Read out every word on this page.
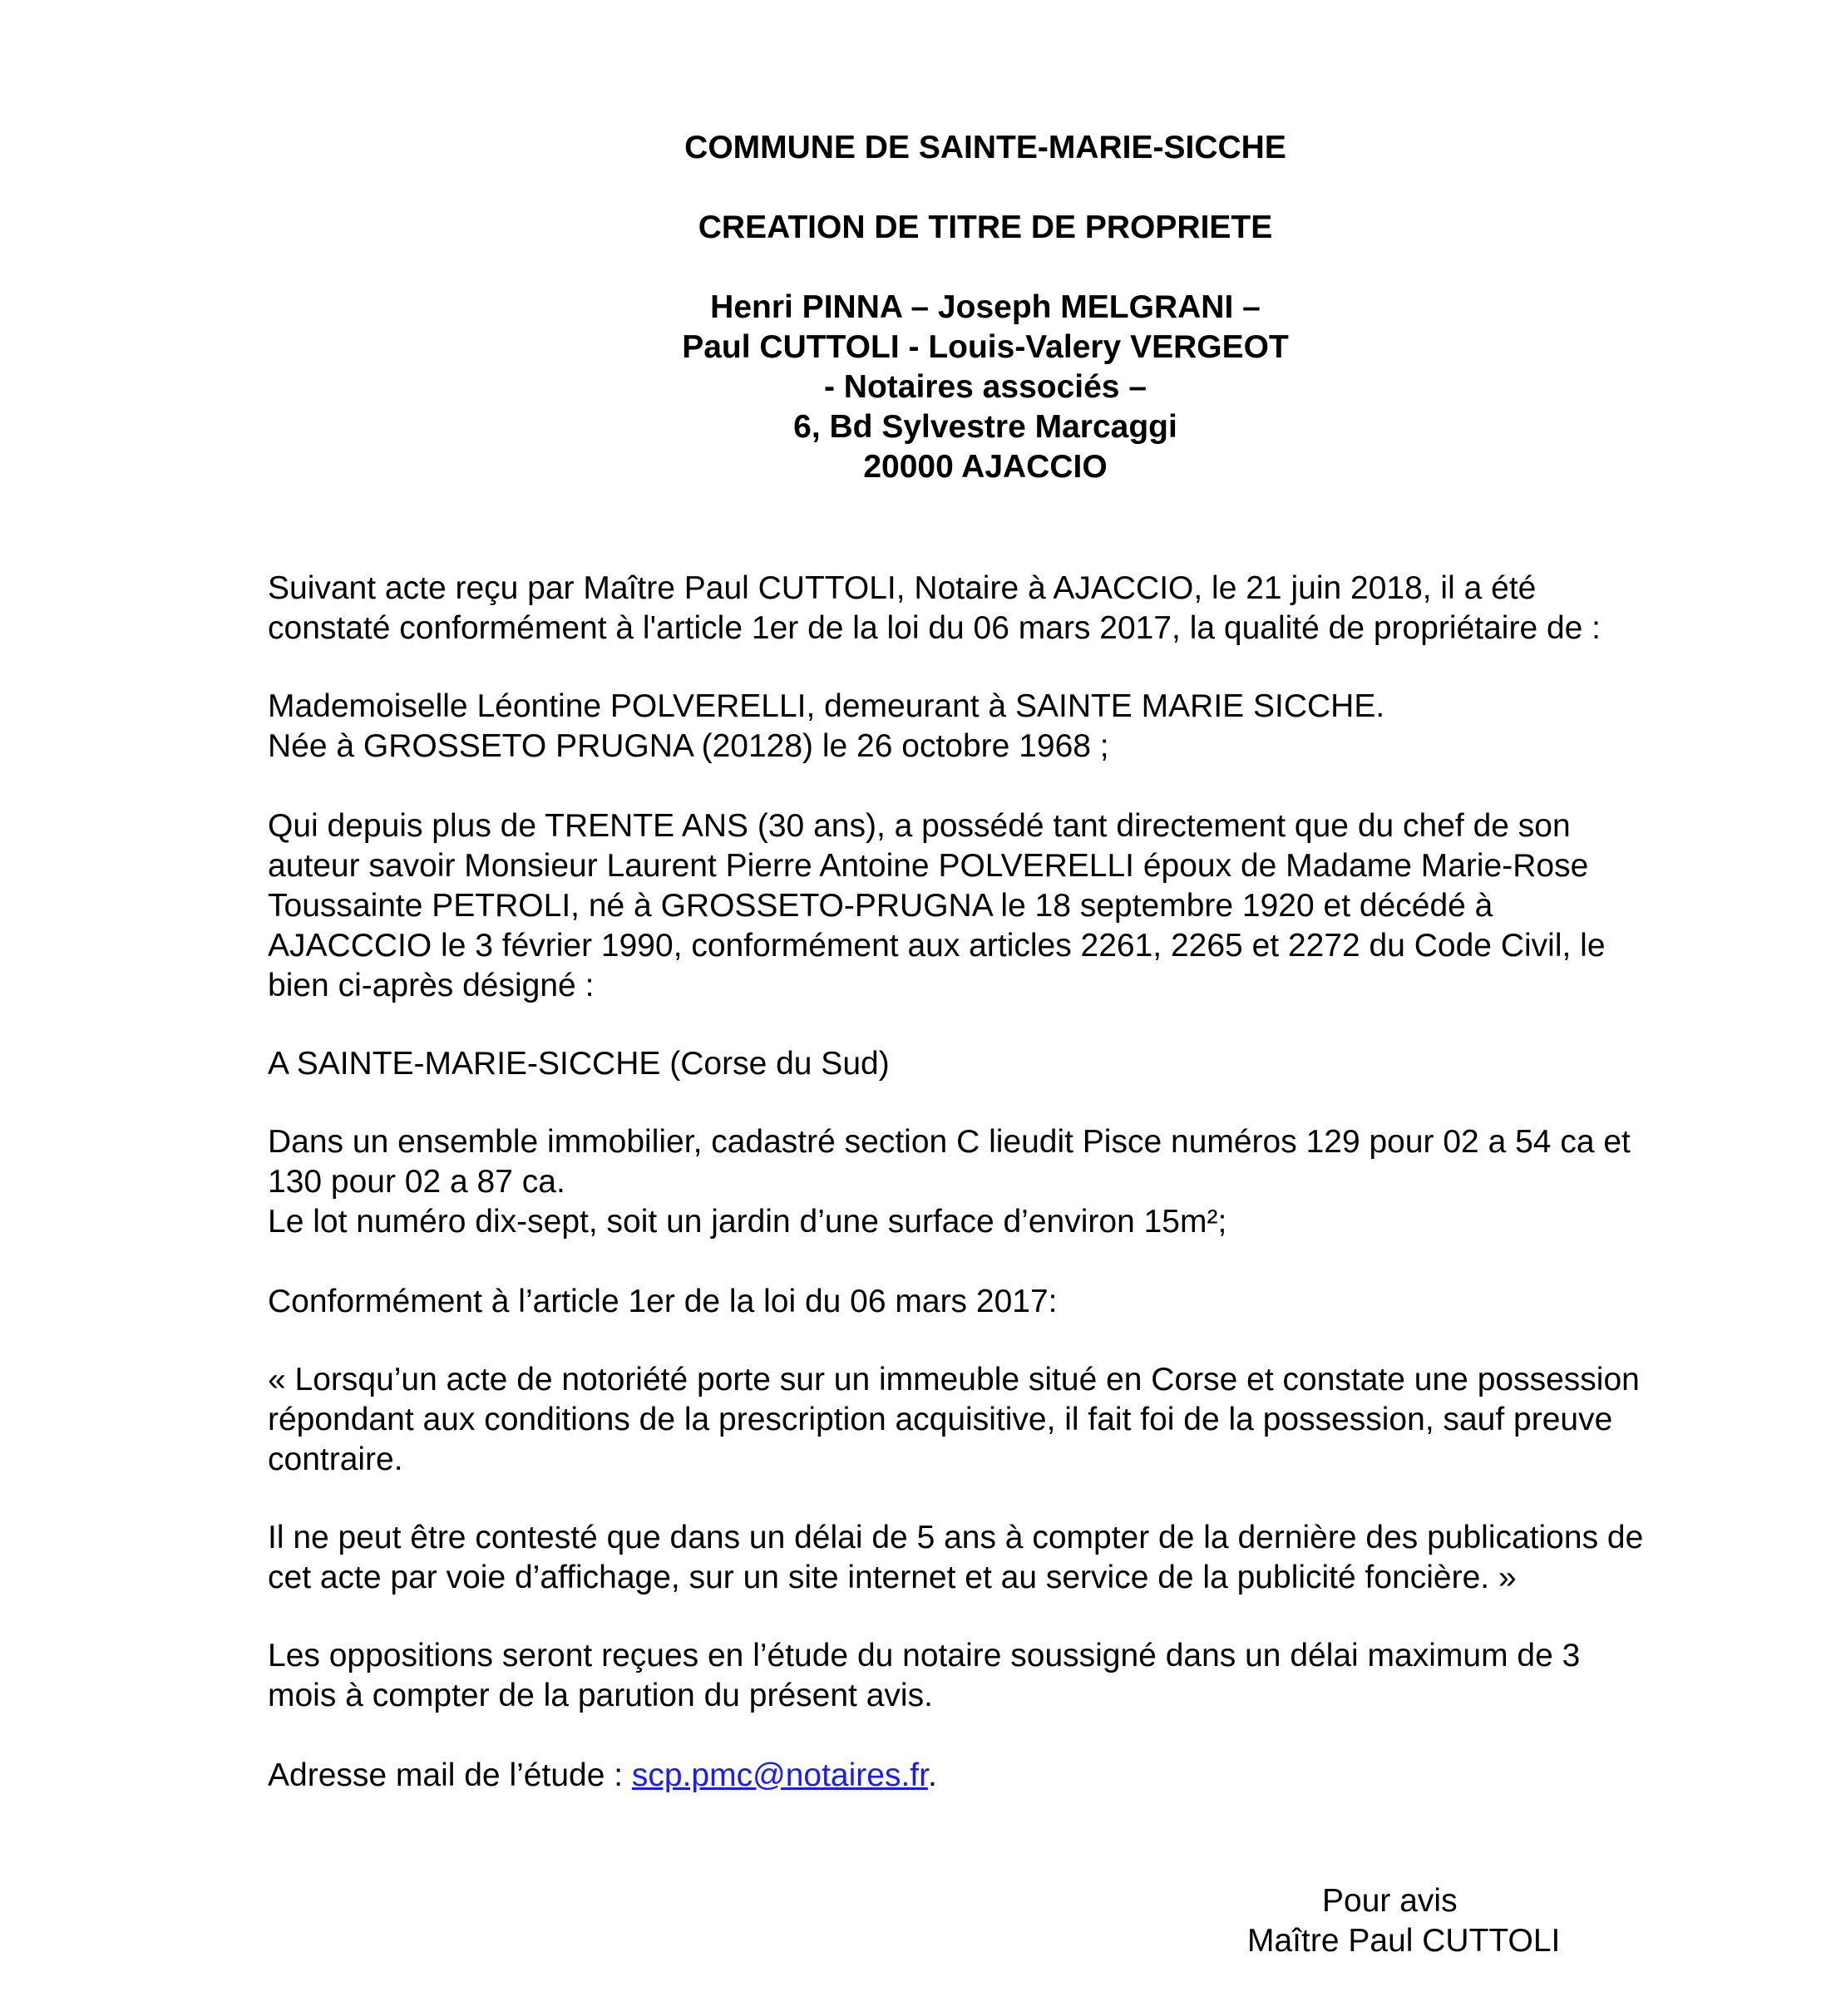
COMMUNE DE SAINTE-MARIE-SICCHE
CREATION DE TITRE DE PROPRIETE
Henri PINNA – Joseph MELGRANI –
Paul CUTTOLI - Louis-Valery VERGEOT
- Notaires associés –
6, Bd Sylvestre Marcaggi
20000 AJACCIO
Suivant acte reçu par Maître Paul CUTTOLI, Notaire à AJACCIO, le 21 juin 2018, il a été
constaté conformément à l'article 1er de la loi du 06 mars 2017, la qualité de propriétaire de :
Mademoiselle Léontine POLVERELLI, demeurant à SAINTE MARIE SICCHE.
Née à GROSSETO PRUGNA (20128) le 26 octobre 1968 ;
Qui depuis plus de TRENTE ANS (30 ans), a possédé tant directement que du chef de son
auteur savoir Monsieur Laurent Pierre Antoine POLVERELLI époux de Madame Marie-Rose
Toussainte PETROLI, né à GROSSETO-PRUGNA le 18 septembre 1920 et décédé à
AJACCCIO le 3 février 1990, conformément aux articles 2261, 2265 et 2272 du Code Civil, le
bien ci-après désigné :
A SAINTE-MARIE-SICCHE (Corse du Sud)
Dans un ensemble immobilier, cadastré section C lieudit Pisce numéros 129 pour 02 a 54 ca et
130 pour 02 a 87 ca.
Le lot numéro dix-sept, soit un jardin d’une surface d’environ 15m²;
Conformément à l’article 1er de la loi du 06 mars 2017:
« Lorsqu’un acte de notoriété porte sur un immeuble situé en Corse et constate une possession
répondant aux conditions de la prescription acquisitive, il fait foi de la possession, sauf preuve
contraire.
Il ne peut être contesté que dans un délai de 5 ans à compter de la dernière des publications de
cet acte par voie d’affichage, sur un site internet et au service de la publicité foncière. »
Les oppositions seront reçues en l’étude du notaire soussigné dans un délai maximum de 3
mois à compter de la parution du présent avis.
Adresse mail de l’étude : scp.pmc@notaires.fr.
Pour avis
Maître Paul CUTTOLI
